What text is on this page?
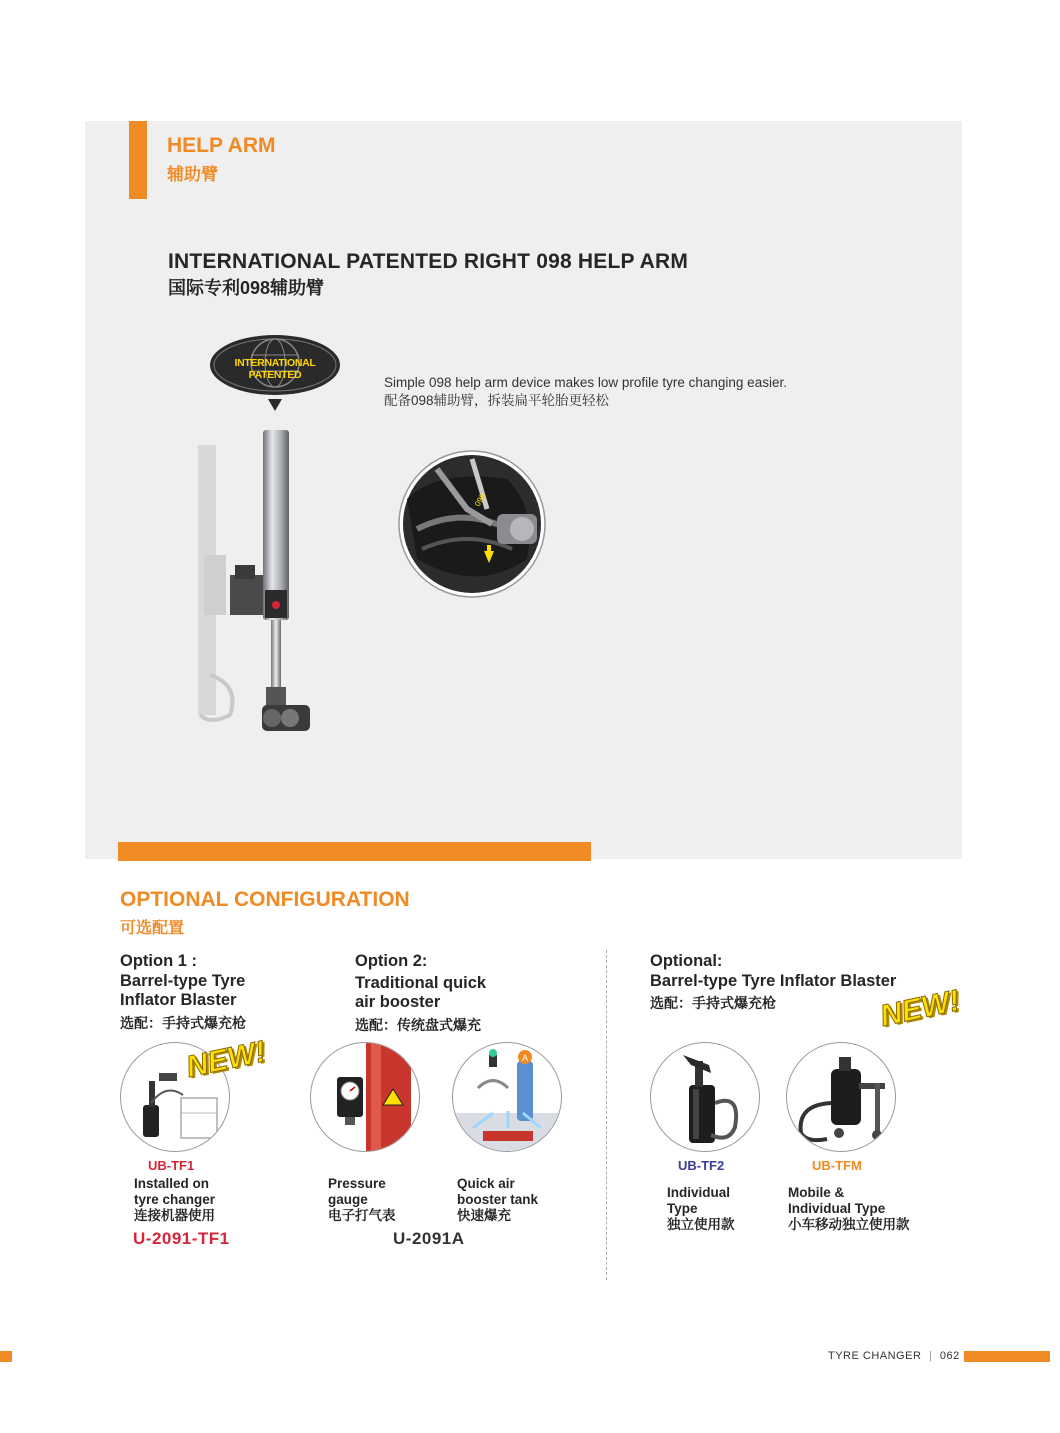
HELP ARM
辅助臂
INTERNATIONAL PATENTED RIGHT 098 HELP ARM
国际专利098辅助臂
INTERNATIONAL PATENTED	Simple 098 help arm device makes low profile tyre changing easier.
配备098辅助臂，拆装扁平轮胎更轻松
098
OPTIONAL CONFIGURATION
可选配置
Option 1 :
Barrel-type Tyre
Inflator Blaster
选配：手持式爆充枪
NEW!
UB-TF1
Installed on
tyre changer
连接机器使用
U-2091-TF1
Option 2:
Traditional quick
air booster
选配：传统盘式爆充
A
Pressure
gauge
电子打气表
Quick air
booster tank
快速爆充
U-2091A
Optional:
Barrel-type Tyre Inflator Blaster
选配：手持式爆充枪	NEW!
UB-TF2	UB-TFM
Individual
Type
独立使用款
Mobile &
Individual Type
小车移动独立使用款
TYRE CHANGER | 062
